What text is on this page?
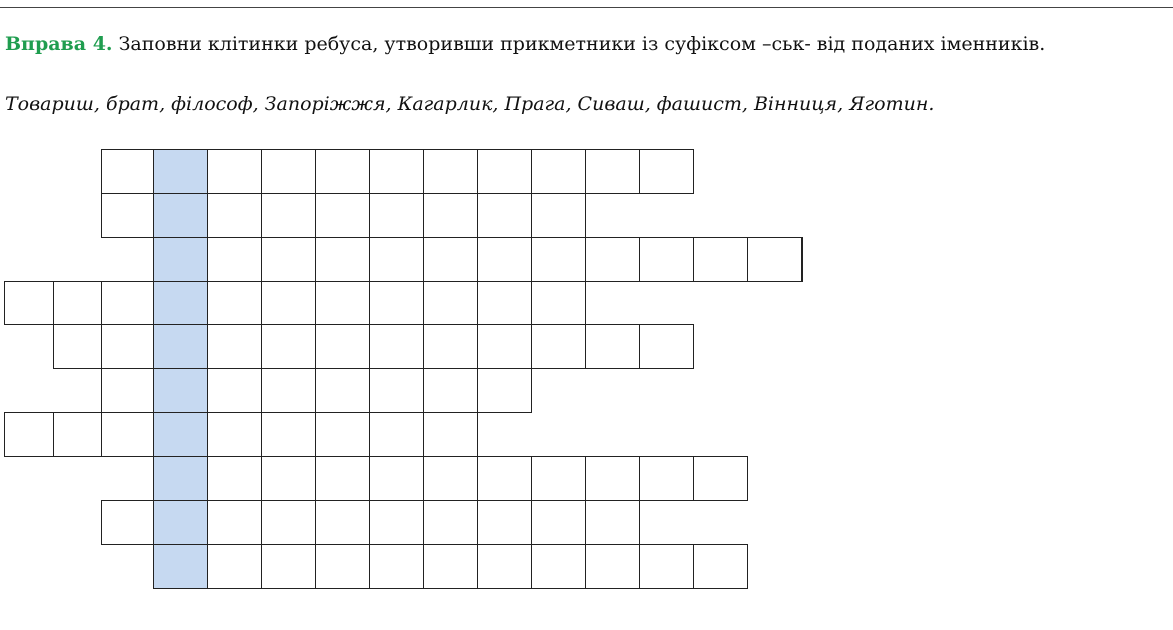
Вправа 4. Заповни клітинки ребуса, утворивши прикметники із суфіксом –ськ- від поданих іменників.
Товариш, брат, філософ, Запоріжжя, Кагарлик, Прага, Сиваш, фашист, Вінниця, Яготин.
